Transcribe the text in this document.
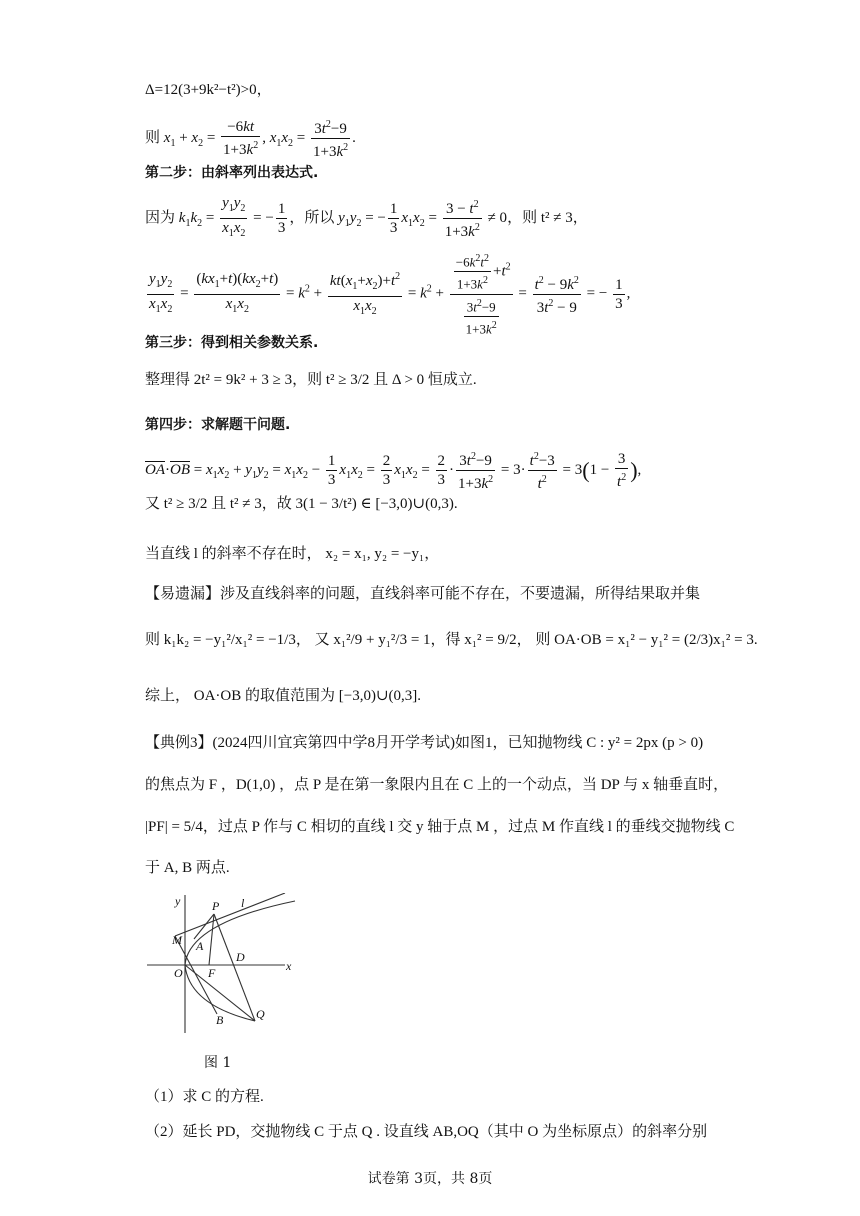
Δ=12(3+9k²−t²)>0，
则 $x_1 + x_2 = \frac{-6kt}{1+3k^2}$ , $x_1x_2 = \frac{3t^2-9}{1+3k^2}$ .
第二步：由斜率列出表达式.
因为 $k_1k_2 = \frac{y_1y_2}{x_1x_2}$ = − $\frac{1}{3}$ ，所以 $y_1y_2$ = − $\frac{1}{3} x_1x_2 = \frac{3 - t^2}{1+3k^2} \ne 0$，则 t² ≠ 3，
$\frac{y_1y_2}{x_1x_2} = \frac{(kx_1+t)(kx_2+t)}{x_1x_2} = k^2 + \frac{kt(x_1+x_2)+t^2}{x_1x_2} = k^2 + \frac{\frac{-6k^2t^2}{1+3k^2} +t^2}{\frac{3t^2-9}{1+3k^2}} = \frac{t^2 - 9k^2}{3t^2 - 9}$ = − $\frac{1}{3}$ ,
第三步：得到相关参数关系.
整理得 2t² = 9k² + 3 ≥ 3，则 t² ≥ 3/2 且 Δ > 0 恒成立.
第四步：求解题干问题.
$\overline{OA}\cdot\overline{OB} = x_1x_2 + y_1y_2 = x_1x_2 - \frac{1}{3} x_1x_2 = \frac{2}{3} x_1x_2 = \frac{2}{3} \cdot \frac{3t^2-9}{1+3k^2} = 3\cdot \frac{t^2-3}{t^2} = 3(1 - \frac{3}{t^2}$ ),
又 t² ≥ 3/2 且 t² ≠ 3，故 3(1 − 3/t²) ∈ [−3,0)∪(0,3).
当直线 l 的斜率不存在时， x₂ = x₁, y₂ = −y₁，
【易遗漏】涉及直线斜率的问题，直线斜率可能不存在，不要遗漏，所得结果取并集
则 k₁k₂ = −y₁²/x₁² = −1/3， 又 x₁²/9 + y₁²/3 = 1，得 x₁² = 9/2， 则 OA·OB = x₁² − y₁² = (2/3)x₁² = 3.
综上， OA·OB 的取值范围为 [−3,0)∪(0,3].
【典例3】(2024四川宜宾第四中学8月开学考试)如图1，已知抛物线 C : y² = 2px (p > 0)
的焦点为 F ，D(1,0) ，点 P 是在第一象限内且在 C 上的一个动点，当 DP 与 x 轴垂直时，
|PF| = 5/4，过点 P 作与 C 相切的直线 l 交 y 轴于点 M ，过点 M 作直线 l 的垂线交抛物线 C
于 A, B 两点.
y
x
P l
M A
O F
D
B	Q
图 1
（1）求 C 的方程.
（2）延长 PD，交抛物线 C 于点 Q . 设直线 AB,OQ（其中 O 为坐标原点）的斜率分别
试卷第 3页，共 8页
